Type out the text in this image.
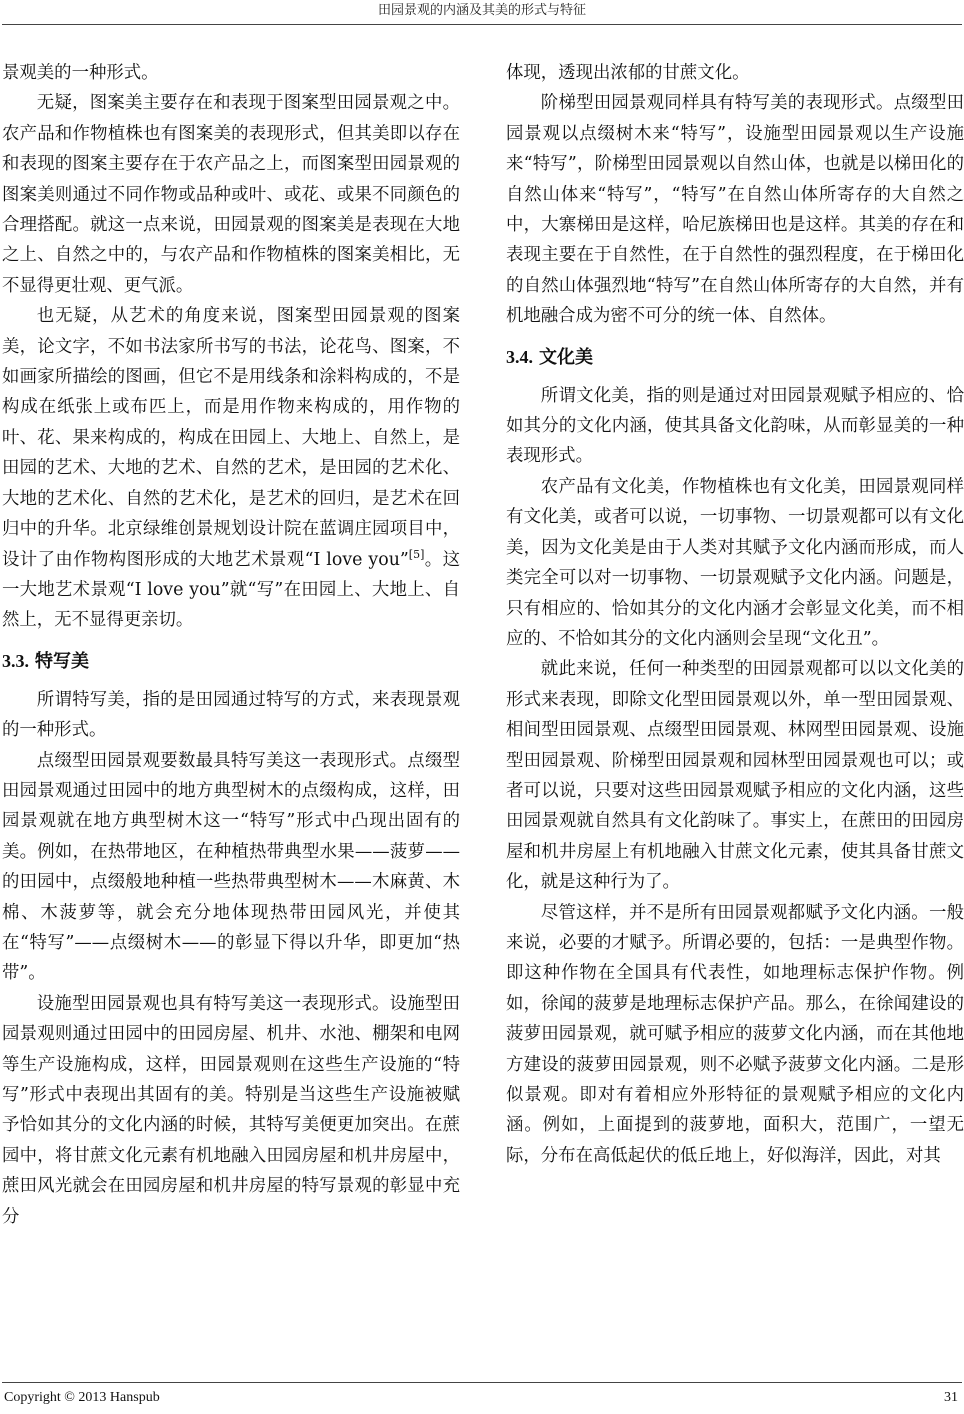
田园景观的内涵及其美的形式与特征

景观美的一种形式。

无疑，图案美主要存在和表现于图案型田园景观之中。农产品和作物植株也有图案美的表现形式，但其美即以存在和表现的图案主要存在于农产品之上，而图案型田园景观的图案美则通过不同作物或品种或叶、或花、或果不同颜色的合理搭配。就这一点来说，田园景观的图案美是表现在大地之上、自然之中的，与农产品和作物植株的图案美相比，无不显得更壮观、更气派。

也无疑，从艺术的角度来说，图案型田园景观的图案美，论文字，不如书法家所书写的书法，论花鸟、图案，不如画家所描绘的图画，但它不是用线条和涂料构成的，不是构成在纸张上或布匹上，而是用作物来构成的，用作物的叶、花、果来构成的，构成在田园上、大地上、自然上，是田园的艺术、大地的艺术、自然的艺术，是田园的艺术化、大地的艺术化、自然的艺术化，是艺术的回归，是艺术在回归中的升华。北京绿维创景规划设计院在蓝调庄园项目中，设计了由作物构图形成的大地艺术景观“I love you”[5]。这一大地艺术景观“I love you”就“写”在田园上、大地上、自然上，无不显得更亲切。

3.3. 特写美

所谓特写美，指的是田园通过特写的方式，来表现景观的一种形式。

点缀型田园景观要数最具特写美这一表现形式。点缀型田园景观通过田园中的地方典型树木的点缀构成，这样，田园景观就在地方典型树木这一“特写”形式中凸现出固有的美。例如，在热带地区，在种植热带典型水果——菠萝——的田园中，点缀般地种植一些热带典型树木——木麻黄、木棉、木菠萝等，就会充分地体现热带田园风光，并使其在“特写”——点缀树木——的彰显下得以升华，即更加“热带”。

设施型田园景观也具有特写美这一表现形式。设施型田园景观则通过田园中的田园房屋、机井、水池、棚架和电网等生产设施构成，这样，田园景观则在这些生产设施的“特写”形式中表现出其固有的美。特别是当这些生产设施被赋予恰如其分的文化内涵的时候，其特写美便更加突出。在蔗园中，将甘蔗文化元素有机地融入田园房屋和机井房屋中，蔗田风光就会在田园房屋和机井房屋的特写景观的彰显中充分

体现，透现出浓郁的甘蔗文化。

阶梯型田园景观同样具有特写美的表现形式。点缀型田园景观以点缀树木来“特写”，设施型田园景观以生产设施来“特写”，阶梯型田园景观以自然山体，也就是以梯田化的自然山体来“特写”，“特写”在自然山体所寄存的大自然之中，大寨梯田是这样，哈尼族梯田也是这样。其美的存在和表现主要在于自然性，在于自然性的强烈程度，在于梯田化的自然山体强烈地“特写”在自然山体所寄存的大自然，并有机地融合成为密不可分的统一体、自然体。

3.4. 文化美

所谓文化美，指的则是通过对田园景观赋予相应的、恰如其分的文化内涵，使其具备文化韵味，从而彰显美的一种表现形式。

农产品有文化美，作物植株也有文化美，田园景观同样有文化美，或者可以说，一切事物、一切景观都可以有文化美，因为文化美是由于人类对其赋予文化内涵而形成，而人类完全可以对一切事物、一切景观赋予文化内涵。问题是，只有相应的、恰如其分的文化内涵才会彰显文化美，而不相应的、不恰如其分的文化内涵则会呈现“文化丑”。

就此来说，任何一种类型的田园景观都可以以文化美的形式来表现，即除文化型田园景观以外，单一型田园景观、相间型田园景观、点缀型田园景观、林网型田园景观、设施型田园景观、阶梯型田园景观和园林型田园景观也可以；或者可以说，只要对这些田园景观赋予相应的文化内涵，这些田园景观就自然具有文化韵味了。事实上，在蔗田的田园房屋和机井房屋上有机地融入甘蔗文化元素，使其具备甘蔗文化，就是这种行为了。

尽管这样，并不是所有田园景观都赋予文化内涵。一般来说，必要的才赋予。所谓必要的，包括：一是典型作物。即这种作物在全国具有代表性，如地理标志保护作物。例如，徐闻的菠萝是地理标志保护产品。那么，在徐闻建设的菠萝田园景观，就可赋予相应的菠萝文化内涵，而在其他地方建设的菠萝田园景观，则不必赋予菠萝文化内涵。二是形似景观。即对有着相应外形特征的景观赋予相应的文化内涵。例如，上面提到的菠萝地，面积大，范围广，一望无际，分布在高低起伏的低丘地上，好似海洋，因此，对其

Copyright © 2013 Hanspub	31
